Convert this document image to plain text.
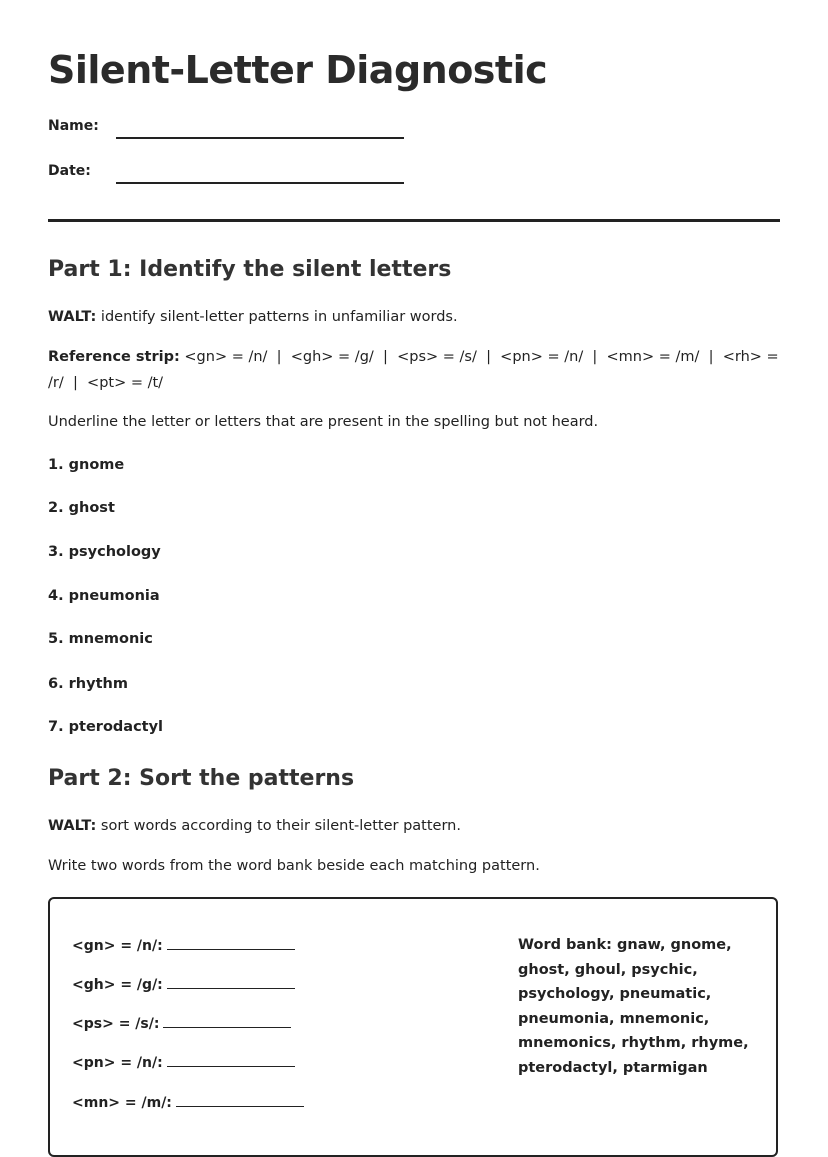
Silent-Letter Diagnostic
Name:
Date:
Part 1: Identify the silent letters

WALT: identify silent-letter patterns in unfamiliar words.

Reference strip: <gn> = /n/  |  <gh> = /g/  |  <ps> = /s/  |  <pn> = /n/  |  <mn> = /m/  |  <rh> = /r/  |  <pt> = /t/

Underline the letter or letters that are present in the spelling but not heard.

1. gnome
2. ghost
3. psychology
4. pneumonia
5. mnemonic
6. rhythm
7. pterodactyl
Part 2: Sort the patterns

WALT: sort words according to their silent-letter pattern.

Write two words from the word bank beside each matching pattern.

<gn> = /n/:
<gh> = /g/:
<ps> = /s/:
<pn> = /n/:
<mn> = /m/:
Word bank: gnaw, gnome, ghost, ghoul, psychic, psychology, pneumatic, pneumonia, mnemonic, mnemonics, rhythm, rhyme, pterodactyl, ptarmigan
